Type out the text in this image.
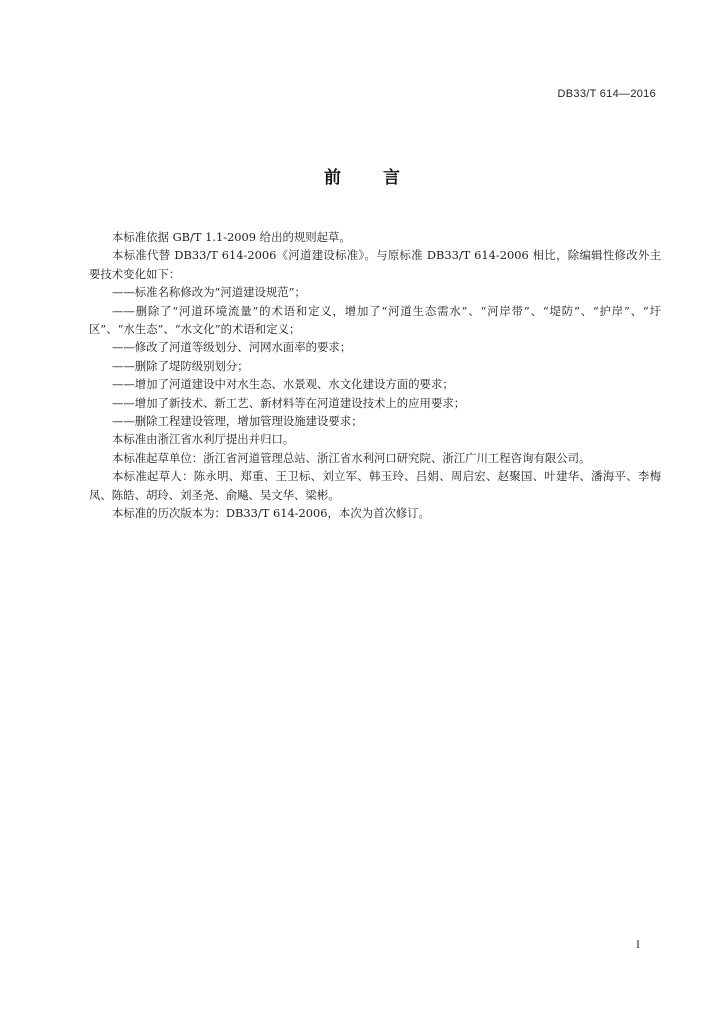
DB33/T 614—2016
前 言

本标准依据 GB/T 1.1-2009 给出的规则起草。

本标准代替 DB33/T 614-2006《河道建设标准》。与原标准 DB33/T 614-2006 相比，除编辑性修改外主要技术变化如下：

——标准名称修改为“河道建设规范”；

——删除了“河道环境流量”的术语和定义，增加了“河道生态需水”、“河岸带”、“堤防”、“护岸”、“圩区”、“水生态”、“水文化”的术语和定义；

——修改了河道等级划分、河网水面率的要求；

——删除了堤防级别划分；

——增加了河道建设中对水生态、水景观、水文化建设方面的要求；

——增加了新技术、新工艺、新材料等在河道建设技术上的应用要求；

——删除工程建设管理，增加管理设施建设要求；

本标准由浙江省水利厅提出并归口。

本标准起草单位：浙江省河道管理总站、浙江省水利河口研究院、浙江广川工程咨询有限公司。

本标准起草人：陈永明、郑重、王卫标、刘立军、韩玉玲、吕娟、周启宏、赵聚国、叶建华、潘海平、李梅凤、陈皓、胡玲、刘圣尧、俞飚、吴文华、梁彬。

本标准的历次版本为：DB33/T 614-2006，本次为首次修订。

I
